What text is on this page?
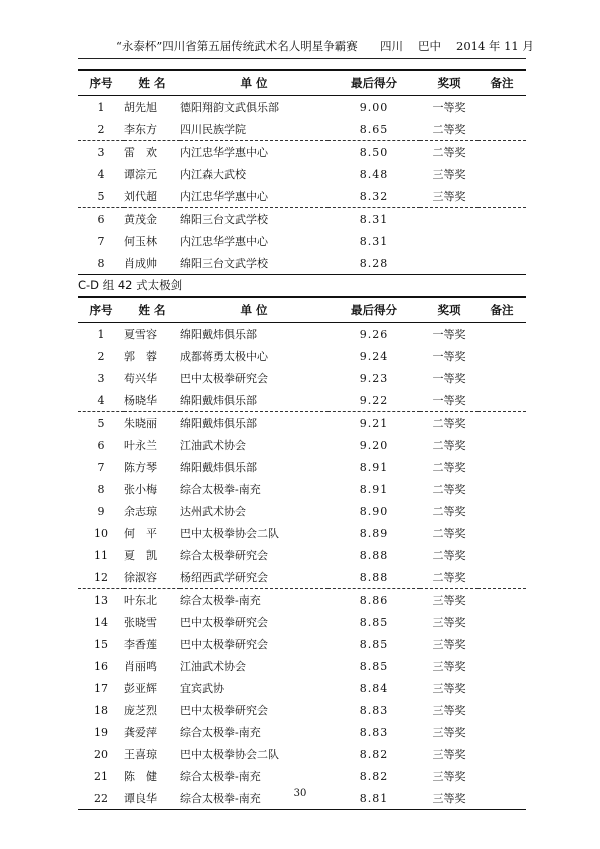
“永泰杯”四川省第五届传统武术名人明星争霸赛 四川 巴中 2014 年 11 月
序号	姓 名	单 位	最后得分	奖项	备注
1	胡先旭	德阳翔韵文武俱乐部	9.00	一等奖	
2	李东方	四川民族学院	8.65	二等奖	
3	雷　欢	内江忠华学惠中心	8.50	二等奖	
4	谭淙元	内江森大武校	8.48	三等奖	
5	刘代超	内江忠华学惠中心	8.32	三等奖	
6	黄茂金	绵阳三台文武学校	8.31		
7	何玉林	内江忠华学惠中心	8.31		
8	肖成帅	绵阳三台文武学校	8.28		
C-D 组 42 式太极剑
序号	姓 名	单 位	最后得分	奖项	备注
1	夏雪容	绵阳戴炜俱乐部	9.26	一等奖	
2	郭　蓉	成都蒋勇太极中心	9.24	一等奖	
3	苟兴华	巴中太极拳研究会	9.23	一等奖	
4	杨晓华	绵阳戴炜俱乐部	9.22	一等奖	
5	朱晓丽	绵阳戴炜俱乐部	9.21	二等奖	
6	叶永兰	江油武术协会	9.20	二等奖	
7	陈方琴	绵阳戴炜俱乐部	8.91	二等奖	
8	张小梅	综合太极拳-南充	8.91	二等奖	
9	余志琼	达州武术协会	8.90	二等奖	
10	何　平	巴中太极拳协会二队	8.89	二等奖	
11	夏　凯	综合太极拳研究会	8.88	二等奖	
12	徐淑容	杨绍西武学研究会	8.88	二等奖	
13	叶东北	综合太极拳-南充	8.86	三等奖	
14	张晓雪	巴中太极拳研究会	8.85	三等奖	
15	李香莲	巴中太极拳研究会	8.85	三等奖	
16	肖丽鸣	江油武术协会	8.85	三等奖	
17	彭亚辉	宜宾武协	8.84	三等奖	
18	庞芝烈	巴中太极拳研究会	8.83	三等奖	
19	龚爱萍	综合太极拳-南充	8.83	三等奖	
20	王喜琼	巴中太极拳协会二队	8.82	三等奖	
21	陈　健	综合太极拳-南充	8.82	三等奖	
22	谭良华	综合太极拳-南充	8.81	三等奖	
30
